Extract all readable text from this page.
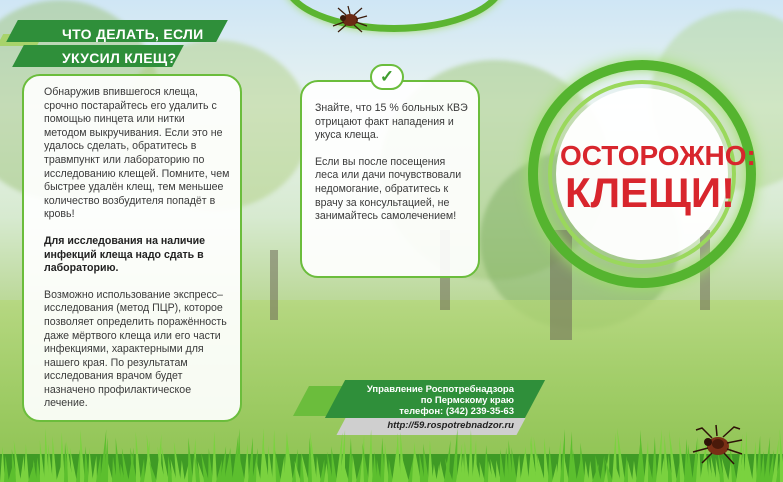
ЧТО ДЕЛАТЬ, ЕСЛИ
УКУСИЛ КЛЕЩ?

Обнаружив впившегося клеща, срочно постарайтесь его удалить с помощью пинцета или нитки методом выкручивания. Если это не удалось сделать, обратитесь в травмпункт или лабораторию по исследованию клещей. Помните, чем быстрее удалён клещ, тем меньшее количество возбудителя попадёт в кровь!

Для исследования на наличие инфекций клеща надо сдать в лабораторию.

Возможно использование экспресс–исследования (метод ПЦР), которое позволяет определить поражённость даже мёртвого клеща или его части инфекциями, характерными для нашего края. По результатам исследования врачом будет назначено профилактическое лечение.

Знайте, что 15 % больных КВЭ отрицают факт нападения и укуса клеща.

Если вы после посещения леса или дачи почувствовали недомогание, обратитесь к врачу за консультацией, не занимайтесь самолечением!

✓
ОСТОРОЖНО:
КЛЕЩИ!
Управление Роспотребнадзора
по Пермскому краю
телефон: (342) 239-35-63
http://59.rospotrebnadzor.ru
